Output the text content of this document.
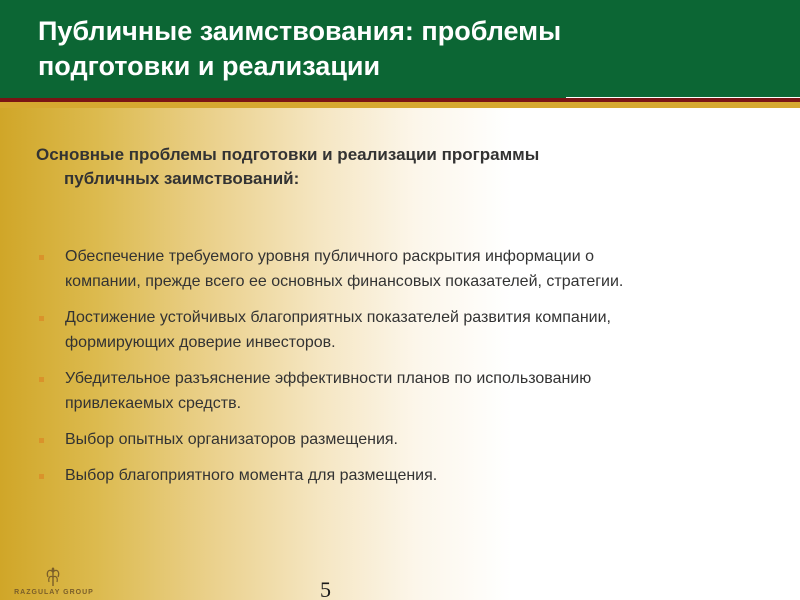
Публичные заимствования: проблемы
подготовки и реализации
Основные проблемы подготовки и реализации программы
публичных заимствований:
Обеспечение требуемого уровня публичного раскрытия информации о
компании, прежде всего ее основных финансовых показателей, стратегии.
Достижение устойчивых благоприятных показателей развития компании,
формирующих доверие инвесторов.
Убедительное разъяснение эффективности планов по использованию
привлекаемых средств.
Выбор опытных организаторов размещения.
Выбор благоприятного момента для размещения.
RAZGULAY GROUP	5
